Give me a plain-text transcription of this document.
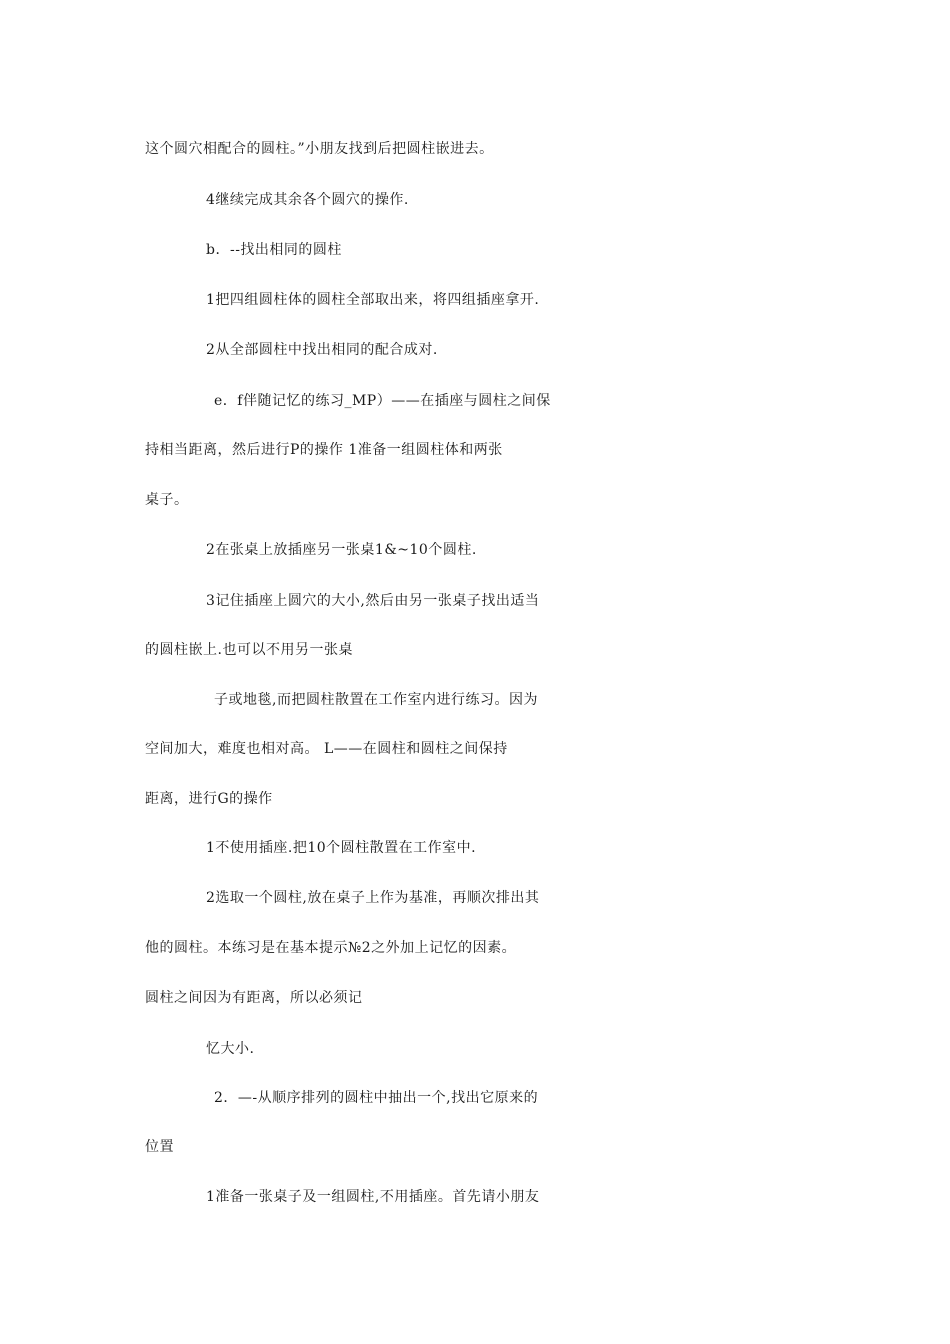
这个圆穴相配合的圆柱。”小朋友找到后把圆柱嵌进去。
4继续完成其余各个圆穴的操作.
b．--找出相同的圆柱
1把四组圆柱体的圆柱全部取出来，将四组插座拿开.
2从全部圆柱中找出相同的配合成对.
e．f伴随记忆的练习_MP）——在插座与圆柱之间保
持相当距离，然后进行P的操作 1准备一组圆柱体和两张
桌子。
2在张桌上放插座另一张桌1&~10个圆柱.
3记住插座上圆穴的大小,然后由另一张桌子找出适当
的圆柱嵌上.也可以不用另一张桌
子或地毯,而把圆柱散置在工作室内进行练习。因为
空间加大，难度也相对高。 L——在圆柱和圆柱之间保持
距离，进行G的操作
1不使用插座.把10个圆柱散置在工作室中.
2选取一个圆柱,放在桌子上作为基准，再顺次排出其
他的圆柱。本练习是在基本提示№2之外加上记忆的因素。
圆柱之间因为有距离，所以必须记
忆大小.
2．—-从顺序排列的圆柱中抽出一个,找出它原来的
位置
1准备一张桌子及一组圆柱,不用插座。首先请小朋友
